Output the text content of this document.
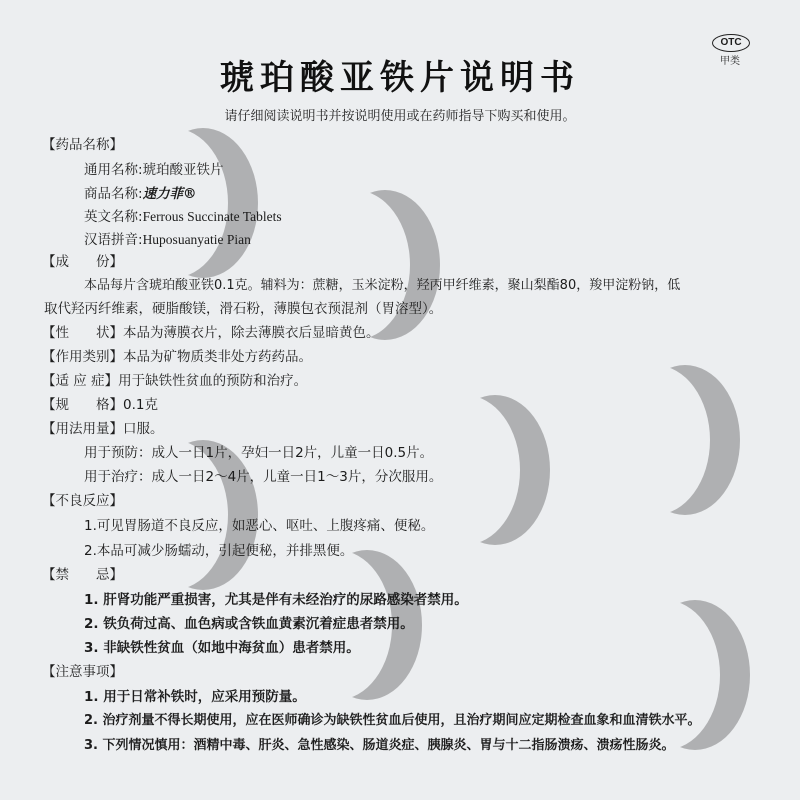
OTC
甲类
琥珀酸亚铁片说明书
请仔细阅读说明书并按说明使用或在药师指导下购买和使用。
【药品名称】
通用名称:琥珀酸亚铁片
商品名称:速力菲®
英文名称:Ferrous Succinate Tablets
汉语拼音:Huposuanyatie Pian
【成　　份】
本品每片含琥珀酸亚铁0.1克。辅料为：蔗糖，玉米淀粉，羟丙甲纤维素，聚山梨酯80，羧甲淀粉钠，低
取代羟丙纤维素，硬脂酸镁，滑石粉，薄膜包衣预混剂（胃溶型）。
【性　　状】本品为薄膜衣片，除去薄膜衣后显暗黄色。
【作用类别】本品为矿物质类非处方药药品。
【适 应 症】用于缺铁性贫血的预防和治疗。
【规　　格】0.1克
【用法用量】口服。
用于预防：成人一日1片，孕妇一日2片，儿童一日0.5片。
用于治疗：成人一日2～4片，儿童一日1～3片，分次服用。
【不良反应】
1.可见胃肠道不良反应，如恶心、呕吐、上腹疼痛、便秘。
2.本品可减少肠蠕动，引起便秘，并排黑便。
【禁　　忌】
1. 肝肾功能严重损害，尤其是伴有未经治疗的尿路感染者禁用。
2. 铁负荷过高、血色病或含铁血黄素沉着症患者禁用。
3. 非缺铁性贫血（如地中海贫血）患者禁用。
【注意事项】
1. 用于日常补铁时，应采用预防量。
2. 治疗剂量不得长期使用，应在医师确诊为缺铁性贫血后使用，且治疗期间应定期检查血象和血清铁水平。
3. 下列情况慎用：酒精中毒、肝炎、急性感染、肠道炎症、胰腺炎、胃与十二指肠溃疡、溃疡性肠炎。
